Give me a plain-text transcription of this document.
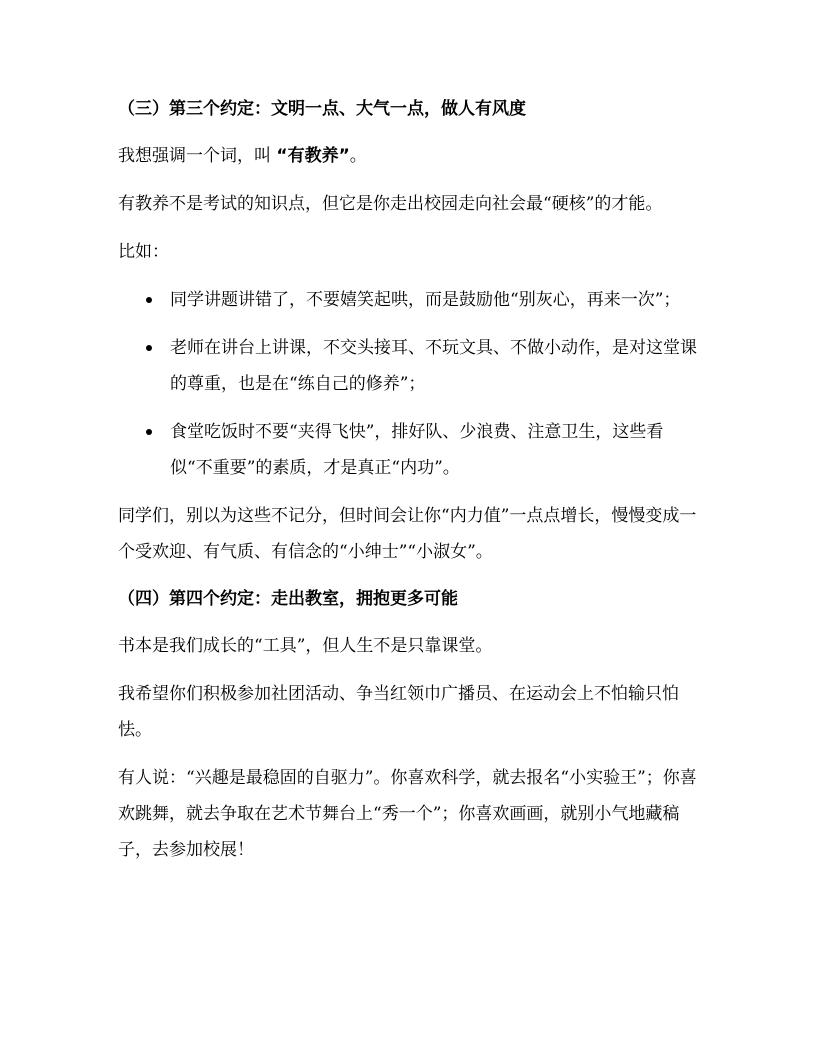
（三）第三个约定：文明一点、大气一点，做人有风度
我想强调一个词，叫 “有教养”。
有教养不是考试的知识点，但它是你走出校园走向社会最“硬核”的才能。
比如：
同学讲题讲错了，不要嬉笑起哄，而是鼓励他“别灰心，再来一次”；
老师在讲台上讲课，不交头接耳、不玩文具、不做小动作，是对这堂课的尊重，也是在“练自己的修养”；
食堂吃饭时不要“夹得飞快”，排好队、少浪费、注意卫生，这些看似“不重要”的素质，才是真正“内功”。
同学们，别以为这些不记分，但时间会让你“内力值”一点点增长，慢慢变成一个受欢迎、有气质、有信念的“小绅士”“小淑女”。
（四）第四个约定：走出教室，拥抱更多可能
书本是我们成长的“工具”，但人生不是只靠课堂。
我希望你们积极参加社团活动、争当红领巾广播员、在运动会上不怕输只怕怯。
有人说：“兴趣是最稳固的自驱力”。你喜欢科学，就去报名“小实验王”；你喜欢跳舞，就去争取在艺术节舞台上“秀一个”；你喜欢画画，就别小气地藏稿子，去参加校展！
